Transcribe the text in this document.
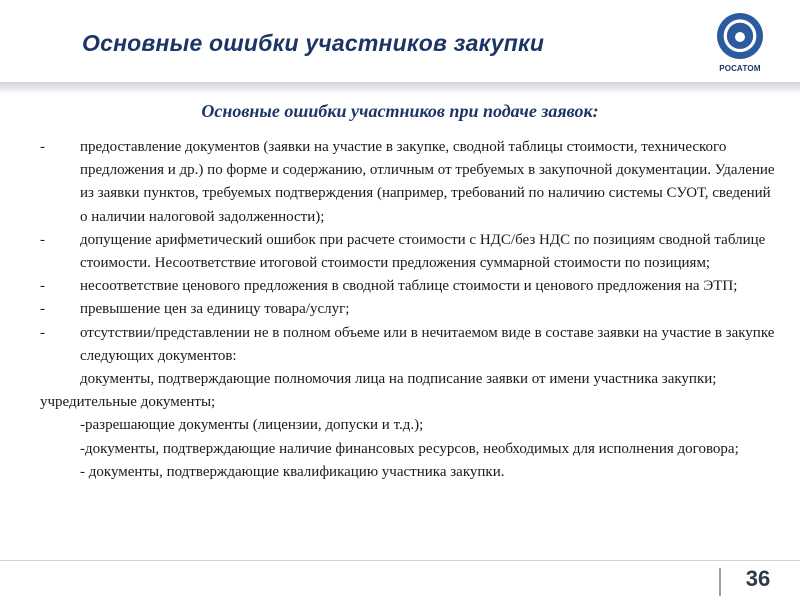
Основные ошибки участников закупки
РОСАТОМ
Основные ошибки участников при подаче заявок:
- предоставление документов (заявки на участие в закупке, сводной таблицы стоимости, технического предложения и др.) по форме и содержанию, отличным от требуемых в закупочной документации. Удаление из заявки пунктов, требуемых подтверждения (например, требований по наличию системы СУОТ, сведений о наличии налоговой задолженности);
- допущение арифметический ошибок при расчете стоимости с НДС/без НДС по позициям сводной таблице стоимости. Несоответствие итоговой стоимости предложения суммарной стоимости по позициям;
- несоответствие ценового предложения в сводной таблице стоимости и ценового предложения на ЭТП;
- превышение цен за единицу товара/услуг;
- отсутствии/представлении не в полном объеме или в нечитаемом виде в составе заявки на участие в закупке следующих документов:
документы, подтверждающие полномочия лица на подписание заявки от имени участника закупки; учредительные документы;
-разрешающие документы (лицензии, допуски и т.д.);
-документы, подтверждающие наличие финансовых ресурсов, необходимых для исполнения договора;
- документы, подтверждающие квалификацию участника закупки.
36
